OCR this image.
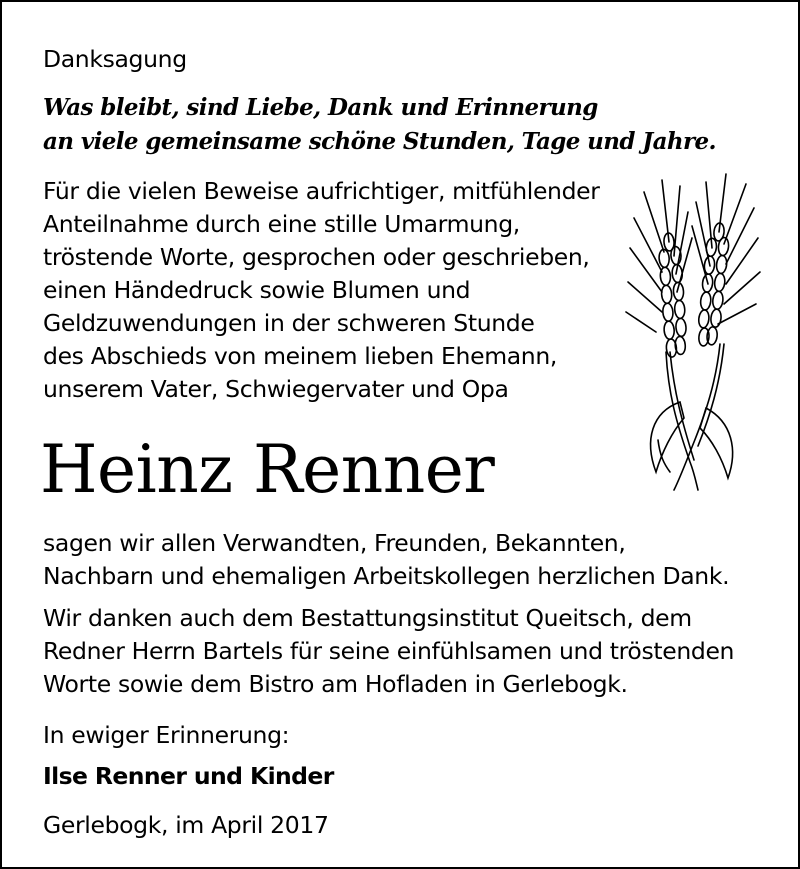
Danksagung
Was bleibt, sind Liebe, Dank und Erinnerung
an viele gemeinsame schöne Stunden, Tage und Jahre.
Für die vielen Beweise aufrichtiger, mitfühlender
Anteilnahme durch eine stille Umarmung,
tröstende Worte, gesprochen oder geschrieben,
einen Händedruck sowie Blumen und
Geldzuwendungen in der schweren Stunde
des Abschieds von meinem lieben Ehemann,
unserem Vater, Schwiegervater und Opa
Heinz Renner
sagen wir allen Verwandten, Freunden, Bekannten,
Nachbarn und ehemaligen Arbeitskollegen herzlichen Dank.
Wir danken auch dem Bestattungsinstitut Queitsch, dem
Redner Herrn Bartels für seine einfühlsamen und tröstenden
Worte sowie dem Bistro am Hofladen in Gerlebogk.
In ewiger Erinnerung:
Ilse Renner und Kinder
Gerlebogk, im April 2017
